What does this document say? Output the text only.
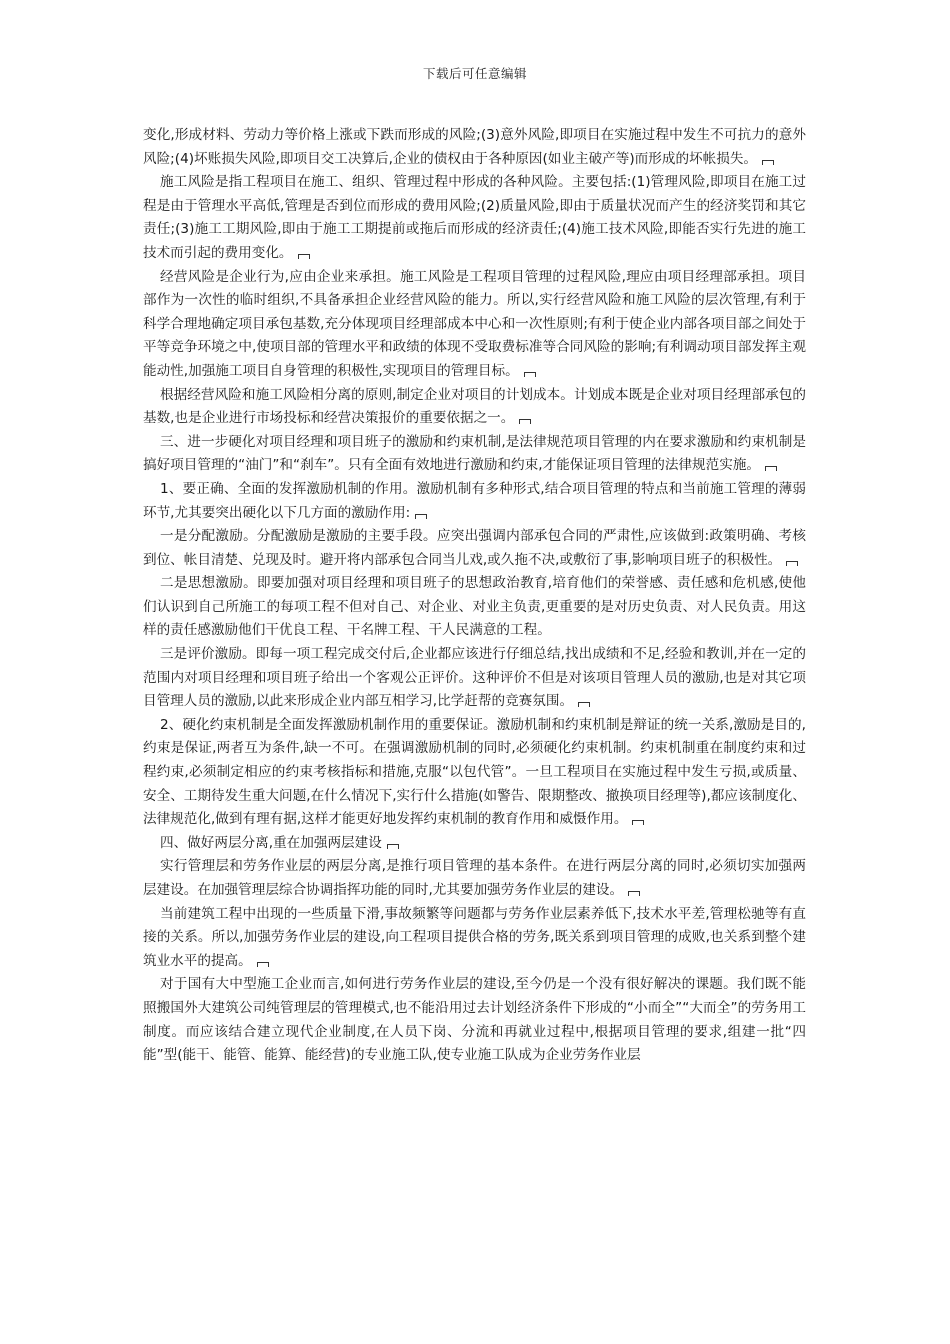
下载后可任意编辑

变化,形成材料、劳动力等价格上涨或下跌而形成的风险;(3)意外风险,即项目在实施过程中发生不可抗力的意外风险;(4)坏账损失风险,即项目交工决算后,企业的债权由于各种原因(如业主破产等)而形成的坏帐损失。

施工风险是指工程项目在施工、组织、管理过程中形成的各种风险。主要包括:(1)管理风险,即项目在施工过程是由于管理水平高低,管理是否到位而形成的费用风险;(2)质量风险,即由于质量状况而产生的经济奖罚和其它责任;(3)施工工期风险,即由于施工工期提前或拖后而形成的经济责任;(4)施工技术风险,即能否实行先进的施工技术而引起的费用变化。

经营风险是企业行为,应由企业来承担。施工风险是工程项目管理的过程风险,理应由项目经理部承担。项目部作为一次性的临时组织,不具备承担企业经营风险的能力。所以,实行经营风险和施工风险的层次管理,有利于科学合理地确定项目承包基数,充分体现项目经理部成本中心和一次性原则;有利于使企业内部各项目部之间处于平等竞争环境之中,使项目部的管理水平和政绩的体现不受取费标准等合同风险的影响;有利调动项目部发挥主观能动性,加强施工项目自身管理的积极性,实现项目的管理目标。

根据经营风险和施工风险相分离的原则,制定企业对项目的计划成本。计划成本既是企业对项目经理部承包的基数,也是企业进行市场投标和经营决策报价的重要依据之一。

三、进一步硬化对项目经理和项目班子的激励和约束机制,是法律规范项目管理的内在要求激励和约束机制是搞好项目管理的“油门”和“刹车”。只有全面有效地进行激励和约束,才能保证项目管理的法律规范实施。

1、要正确、全面的发挥激励机制的作用。激励机制有多种形式,结合项目管理的特点和当前施工管理的薄弱环节,尤其要突出硬化以下几方面的激励作用:

一是分配激励。分配激励是激励的主要手段。应突出强调内部承包合同的严肃性,应该做到:政策明确、考核到位、帐目清楚、兑现及时。避开将内部承包合同当儿戏,或久拖不决,或敷衍了事,影响项目班子的积极性。

二是思想激励。即要加强对项目经理和项目班子的思想政治教育,培育他们的荣誉感、责任感和危机感,使他们认识到自己所施工的每项工程不但对自己、对企业、对业主负责,更重要的是对历史负责、对人民负责。用这样的责任感激励他们干优良工程、干名牌工程、干人民满意的工程。

三是评价激励。即每一项工程完成交付后,企业都应该进行仔细总结,找出成绩和不足,经验和教训,并在一定的范围内对项目经理和项目班子给出一个客观公正评价。这种评价不但是对该项目管理人员的激励,也是对其它项目管理人员的激励,以此来形成企业内部互相学习,比学赶帮的竞赛氛围。

2、硬化约束机制是全面发挥激励机制作用的重要保证。激励机制和约束机制是辩证的统一关系,激励是目的,约束是保证,两者互为条件,缺一不可。在强调激励机制的同时,必须硬化约束机制。约束机制重在制度约束和过程约束,必须制定相应的约束考核指标和措施,克服“以包代管”。一旦工程项目在实施过程中发生亏损,或质量、安全、工期待发生重大问题,在什么情况下,实行什么措施(如警告、限期整改、撤换项目经理等),都应该制度化、法律规范化,做到有理有据,这样才能更好地发挥约束机制的教育作用和威慑作用。

四、做好两层分离,重在加强两层建设

实行管理层和劳务作业层的两层分离,是推行项目管理的基本条件。在进行两层分离的同时,必须切实加强两层建设。在加强管理层综合协调指挥功能的同时,尤其要加强劳务作业层的建设。

当前建筑工程中出现的一些质量下滑,事故频繁等问题都与劳务作业层素养低下,技术水平差,管理松驰等有直接的关系。所以,加强劳务作业层的建设,向工程项目提供合格的劳务,既关系到项目管理的成败,也关系到整个建筑业水平的提高。

对于国有大中型施工企业而言,如何进行劳务作业层的建设,至今仍是一个没有很好解决的课题。我们既不能照搬国外大建筑公司纯管理层的管理模式,也不能沿用过去计划经济条件下形成的“小而全”“大而全”的劳务用工制度。而应该结合建立现代企业制度,在人员下岗、分流和再就业过程中,根据项目管理的要求,组建一批“四能”型(能干、能管、能算、能经营)的专业施工队,使专业施工队成为企业劳务作业层
